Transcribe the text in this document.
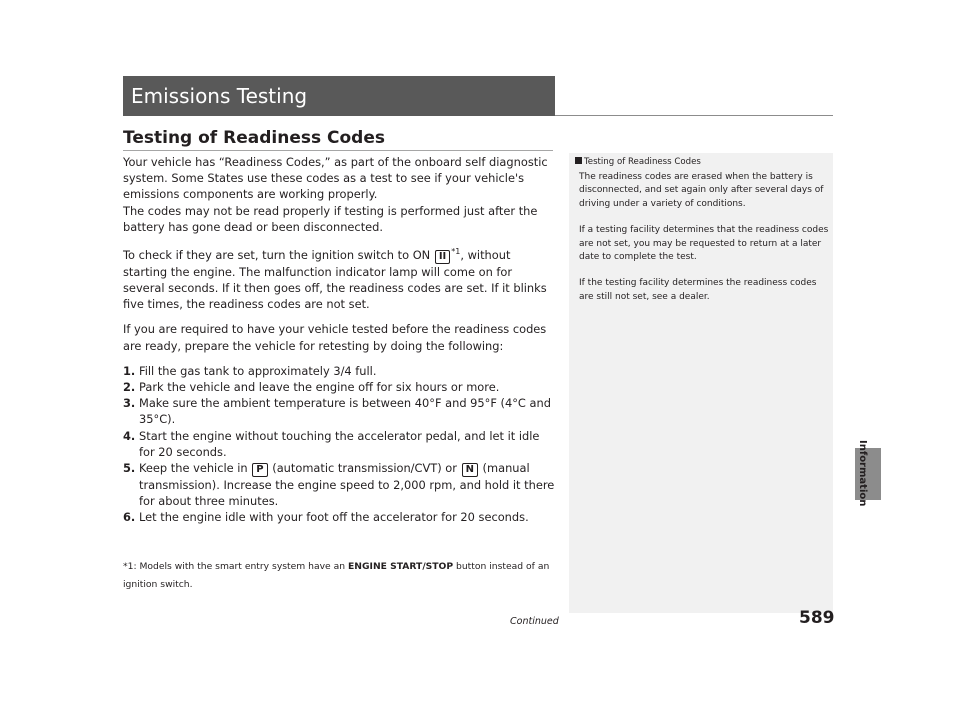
Emissions Testing
Testing of Readiness Codes

Your vehicle has “Readiness Codes,” as part of the onboard self diagnostic system. Some States use these codes as a test to see if your vehicle's emissions components are working properly.

The codes may not be read properly if testing is performed just after the battery has gone dead or been disconnected.

To check if they are set, turn the ignition switch to ON II $^{*1}$, without starting the engine. The malfunction indicator lamp will come on for several seconds. If it then goes off, the readiness codes are set. If it blinks five times, the readiness codes are not set.

If you are required to have your vehicle tested before the readiness codes are ready, prepare the vehicle for retesting by doing the following:

1. Fill the gas tank to approximately 3/4 full.
2. Park the vehicle and leave the engine off for six hours or more.
3. Make sure the ambient temperature is between 40°F and 95°F (4°C and 35°C).
4. Start the engine without touching the accelerator pedal, and let it idle for 20 seconds.
5. Keep the vehicle in P (automatic transmission/CVT) or N (manual transmission). Increase the engine speed to 2,000 rpm, and hold it there for about three minutes.
6. Let the engine idle with your foot off the accelerator for 20 seconds.
*1: Models with the smart entry system have an ENGINE START/STOP button instead of an ignition switch.
Testing of Readiness Codes

The readiness codes are erased when the battery is disconnected, and set again only after several days of driving under a variety of conditions.

If a testing facility determines that the readiness codes are not set, you may be requested to return at a later date to complete the test.

If the testing facility determines the readiness codes are still not set, see a dealer.

Information
Continued	589
